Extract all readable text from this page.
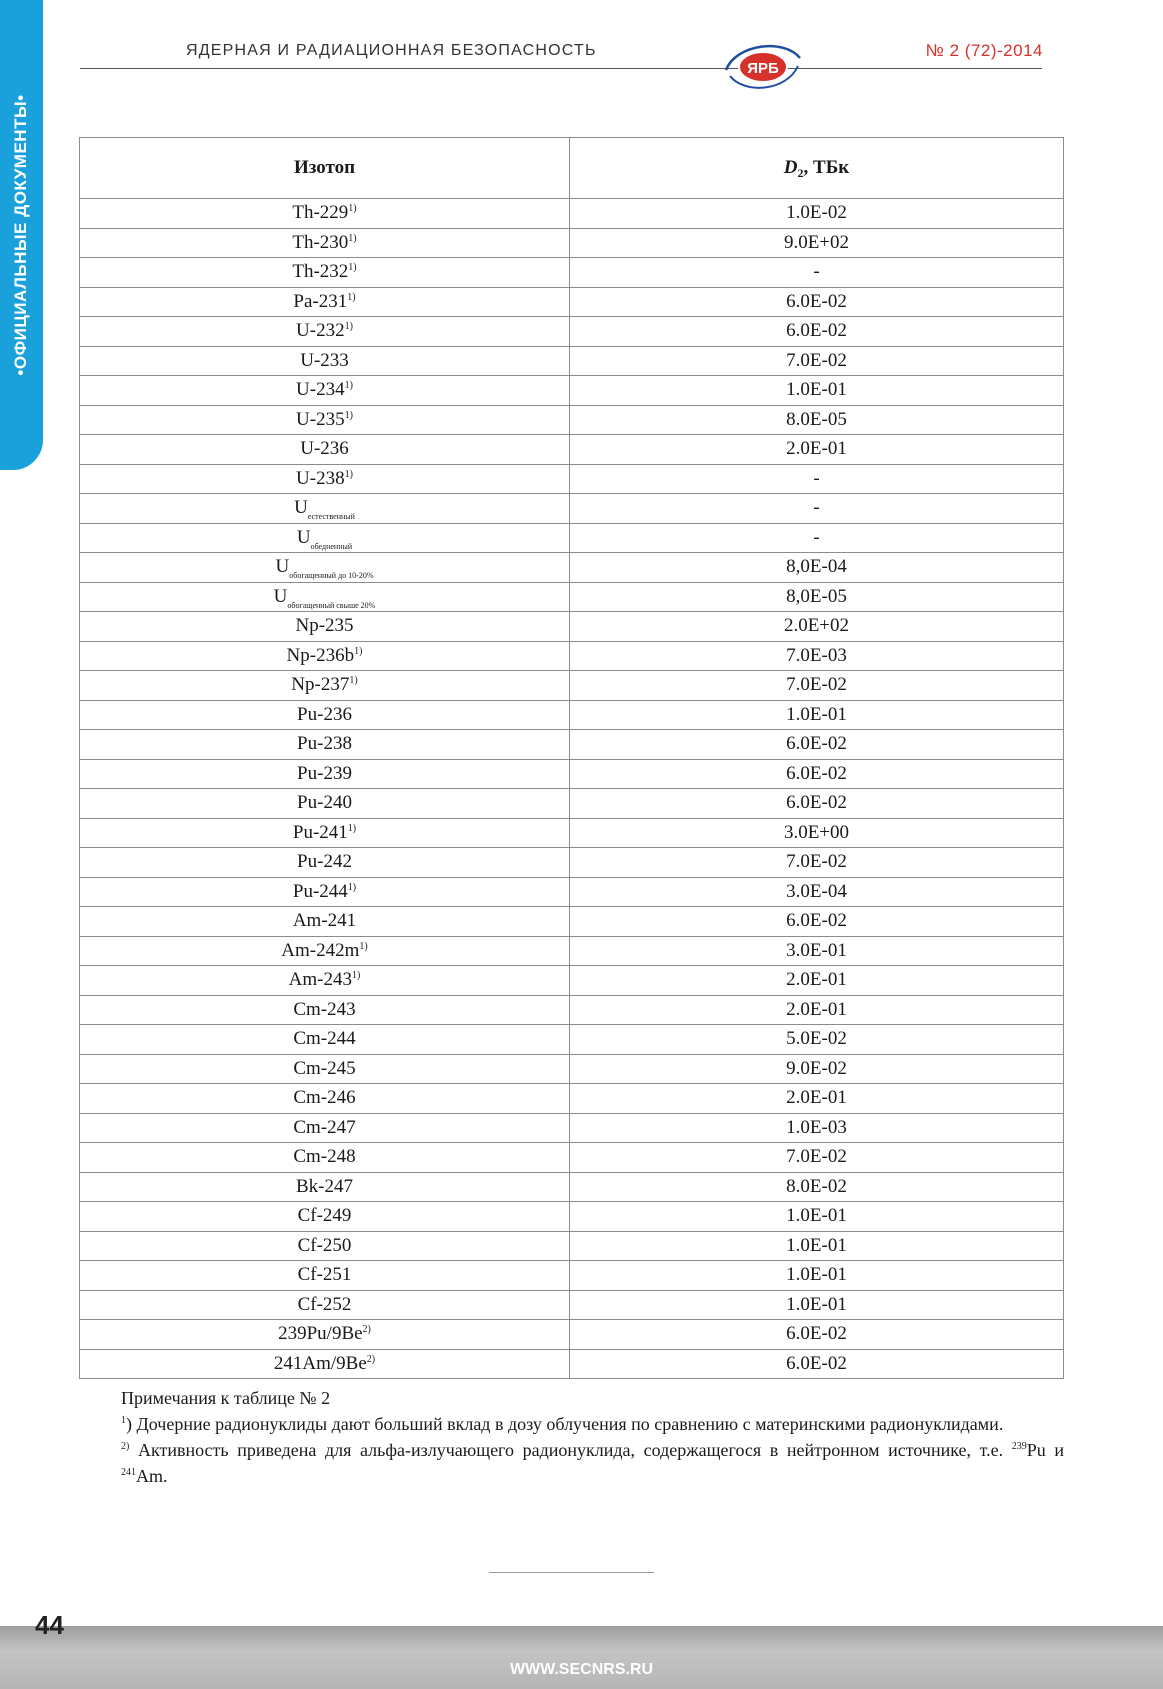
•ОФИЦИАЛЬНЫЕ ДОКУМЕНТЫ•
ЯДЕРНАЯ И РАДИАЦИОННАЯ БЕЗОПАСНОСТЬ
ЯРБ
№ 2 (72)-2014
Изотоп	$D_2$, ТБк
Th-229$^{1)}$	1.0E-02
Th-230$^{1)}$	9.0E+02
Th-232$^{1)}$	-
Pa-231$^{1)}$	6.0E-02
U-232$^{1)}$	6.0E-02
U-233	7.0E-02
U-234$^{1)}$	1.0E-01
U-235$^{1)}$	8.0E-05
U-236	2.0E-01
U-238$^{1)}$	-
$U_{естественный}$	-
$U_{обедненный}$	-
$U_{обогащенный до 10-20\%}$	8,0E-04
$U_{обогащенный свыше 20\%}$	8,0E-05
Np-235	2.0E+02
$Np-236b^{1)}$	7.0E-03
Np-237$^{1)}$	7.0E-02
Pu-236	1.0E-01
Pu-238	6.0E-02
Pu-239	6.0E-02
Pu-240	6.0E-02
Pu-241$^{1)}$	3.0E+00
Pu-242	7.0E-02
Pu-244$^{1)}$	3.0E-04
Am-241	6.0E-02
$Am-242m^{1)}$	3.0E-01
Am-243$^{1)}$	2.0E-01
Cm-243	2.0E-01
Cm-244	5.0E-02
Cm-245	9.0E-02
Cm-246	2.0E-01
Cm-247	1.0E-03
Cm-248	7.0E-02
Bk-247	8.0E-02
Cf-249	1.0E-01
Cf-250	1.0E-01
Cf-251	1.0E-01
Cf-252	1.0E-01
239Pu/9Be$^{2)}$	6.0E-02
241Am/9Be$^{2)}$	6.0E-02

Примечания к таблице № 2

$^1$) Дочерние радионуклиды дают больший вклад в дозу облучения по сравнению с материнскими радионуклидами.

$^{2)}$ Активность приведена для альфа-излучающего радионуклида, содержащегося в нейтронном источнике, т.е. $^{239}$Pu и $^{241}$Am.

44
WWW.SECNRS.RU
